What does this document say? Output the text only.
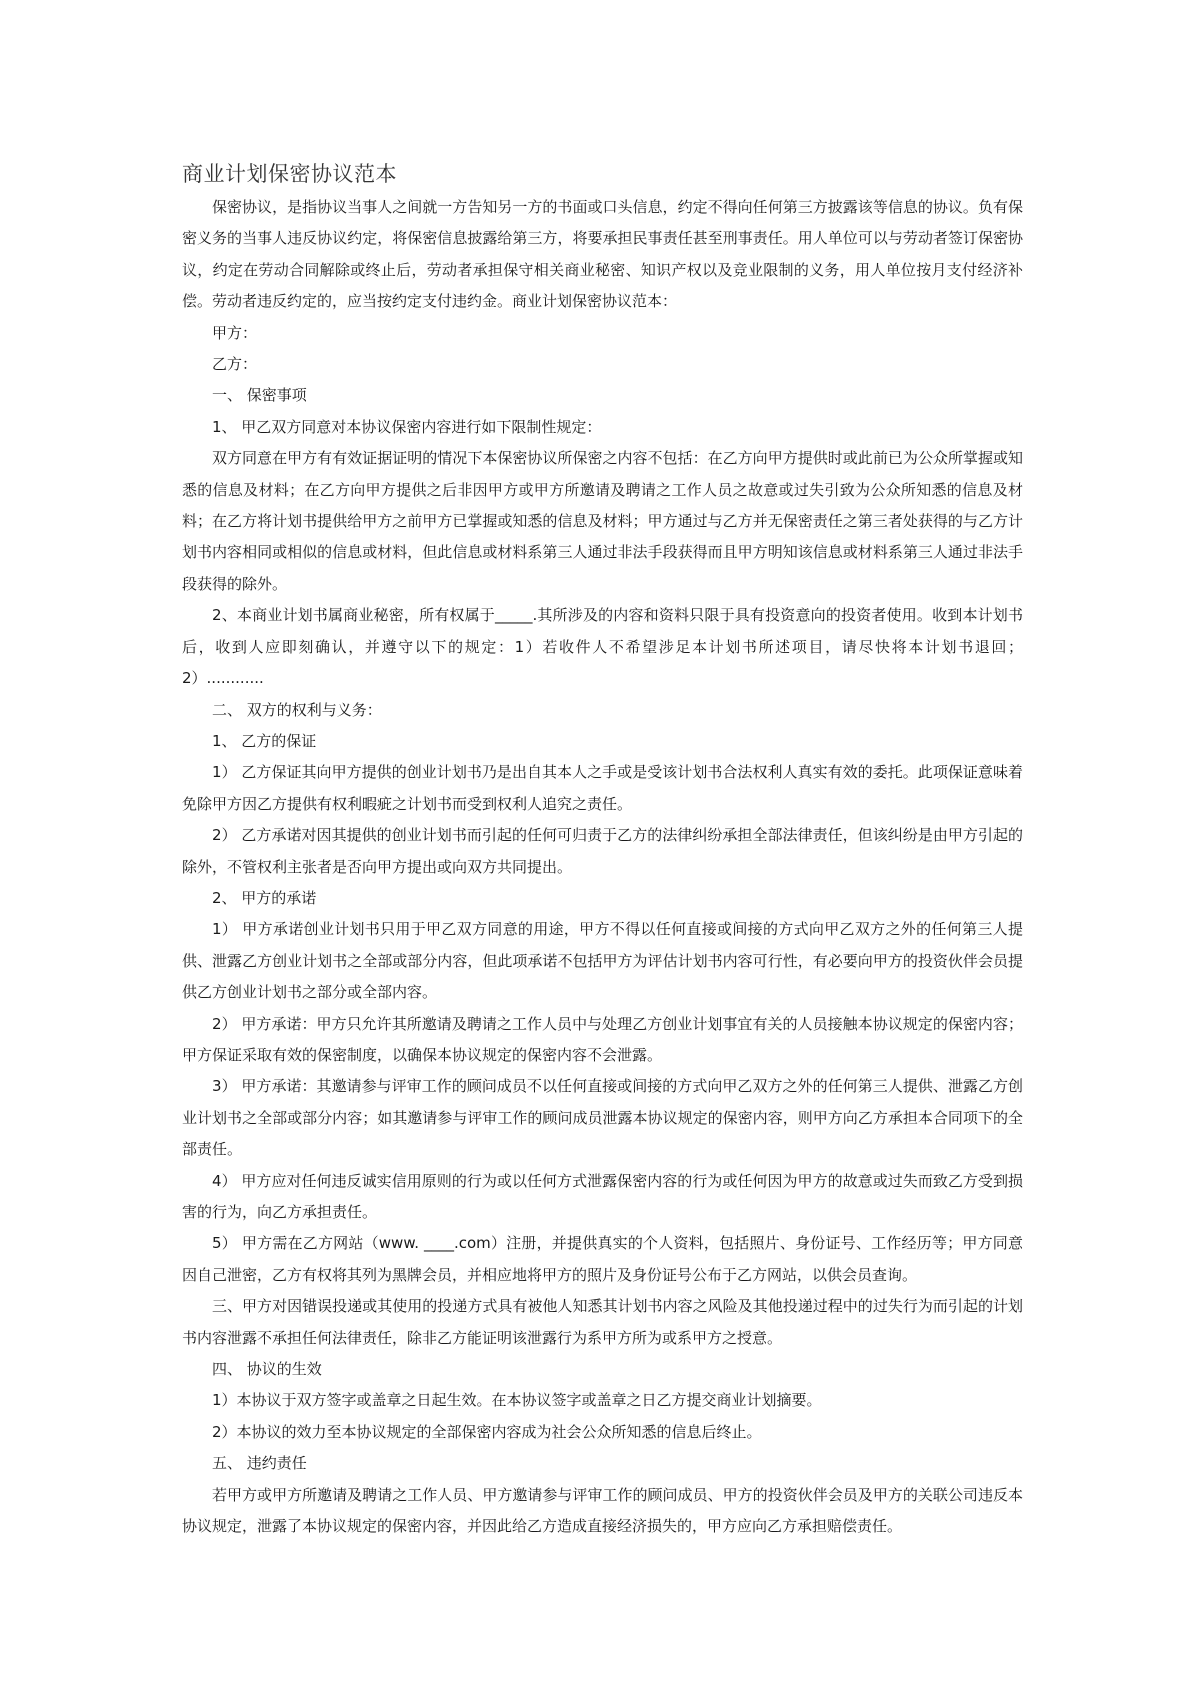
商业计划保密协议范本

保密协议，是指协议当事人之间就一方告知另一方的书面或口头信息，约定不得向任何第三方披露该等信息的协议。负有保密义务的当事人违反协议约定，将保密信息披露给第三方，将要承担民事责任甚至刑事责任。用人单位可以与劳动者签订保密协议，约定在劳动合同解除或终止后，劳动者承担保守相关商业秘密、知识产权以及竞业限制的义务，用人单位按月支付经济补偿。劳动者违反约定的，应当按约定支付违约金。商业计划保密协议范本：

甲方：

乙方：

一、 保密事项

1、 甲乙双方同意对本协议保密内容进行如下限制性规定：

双方同意在甲方有有效证据证明的情况下本保密协议所保密之内容不包括：在乙方向甲方提供时或此前已为公众所掌握或知悉的信息及材料；在乙方向甲方提供之后非因甲方或甲方所邀请及聘请之工作人员之故意或过失引致为公众所知悉的信息及材料；在乙方将计划书提供给甲方之前甲方已掌握或知悉的信息及材料；甲方通过与乙方并无保密责任之第三者处获得的与乙方计划书内容相同或相似的信息或材料，但此信息或材料系第三人通过非法手段获得而且甲方明知该信息或材料系第三人通过非法手段获得的除外。

2、本商业计划书属商业秘密，所有权属于_____.其所涉及的内容和资料只限于具有投资意向的投资者使用。收到本计划书后，收到人应即刻确认，并遵守以下的规定：1）若收件人不希望涉足本计划书所述项目，请尽快将本计划书退回；2）............

二、 双方的权利与义务：

1、 乙方的保证

1） 乙方保证其向甲方提供的创业计划书乃是出自其本人之手或是受该计划书合法权利人真实有效的委托。此项保证意味着免除甲方因乙方提供有权利暇疵之计划书而受到权利人追究之责任。

2） 乙方承诺对因其提供的创业计划书而引起的任何可归责于乙方的法律纠纷承担全部法律责任，但该纠纷是由甲方引起的除外，不管权利主张者是否向甲方提出或向双方共同提出。

2、 甲方的承诺

1） 甲方承诺创业计划书只用于甲乙双方同意的用途，甲方不得以任何直接或间接的方式向甲乙双方之外的任何第三人提供、泄露乙方创业计划书之全部或部分内容，但此项承诺不包括甲方为评估计划书内容可行性，有必要向甲方的投资伙伴会员提供乙方创业计划书之部分或全部内容。

2） 甲方承诺：甲方只允许其所邀请及聘请之工作人员中与处理乙方创业计划事宜有关的人员接触本协议规定的保密内容；甲方保证采取有效的保密制度，以确保本协议规定的保密内容不会泄露。

3） 甲方承诺：其邀请参与评审工作的顾问成员不以任何直接或间接的方式向甲乙双方之外的任何第三人提供、泄露乙方创业计划书之全部或部分内容；如其邀请参与评审工作的顾问成员泄露本协议规定的保密内容，则甲方向乙方承担本合同项下的全部责任。

4） 甲方应对任何违反诚实信用原则的行为或以任何方式泄露保密内容的行为或任何因为甲方的故意或过失而致乙方受到损害的行为，向乙方承担责任。

5） 甲方需在乙方网站（www. ____.com）注册，并提供真实的个人资料，包括照片、身份证号、工作经历等；甲方同意因自己泄密，乙方有权将其列为黑牌会员，并相应地将甲方的照片及身份证号公布于乙方网站，以供会员查询。

三、甲方对因错误投递或其使用的投递方式具有被他人知悉其计划书内容之风险及其他投递过程中的过失行为而引起的计划书内容泄露不承担任何法律责任，除非乙方能证明该泄露行为系甲方所为或系甲方之授意。

四、 协议的生效

1）本协议于双方签字或盖章之日起生效。在本协议签字或盖章之日乙方提交商业计划摘要。

2）本协议的效力至本协议规定的全部保密内容成为社会公众所知悉的信息后终止。

五、 违约责任

若甲方或甲方所邀请及聘请之工作人员、甲方邀请参与评审工作的顾问成员、甲方的投资伙伴会员及甲方的关联公司违反本协议规定，泄露了本协议规定的保密内容，并因此给乙方造成直接经济损失的，甲方应向乙方承担赔偿责任。
